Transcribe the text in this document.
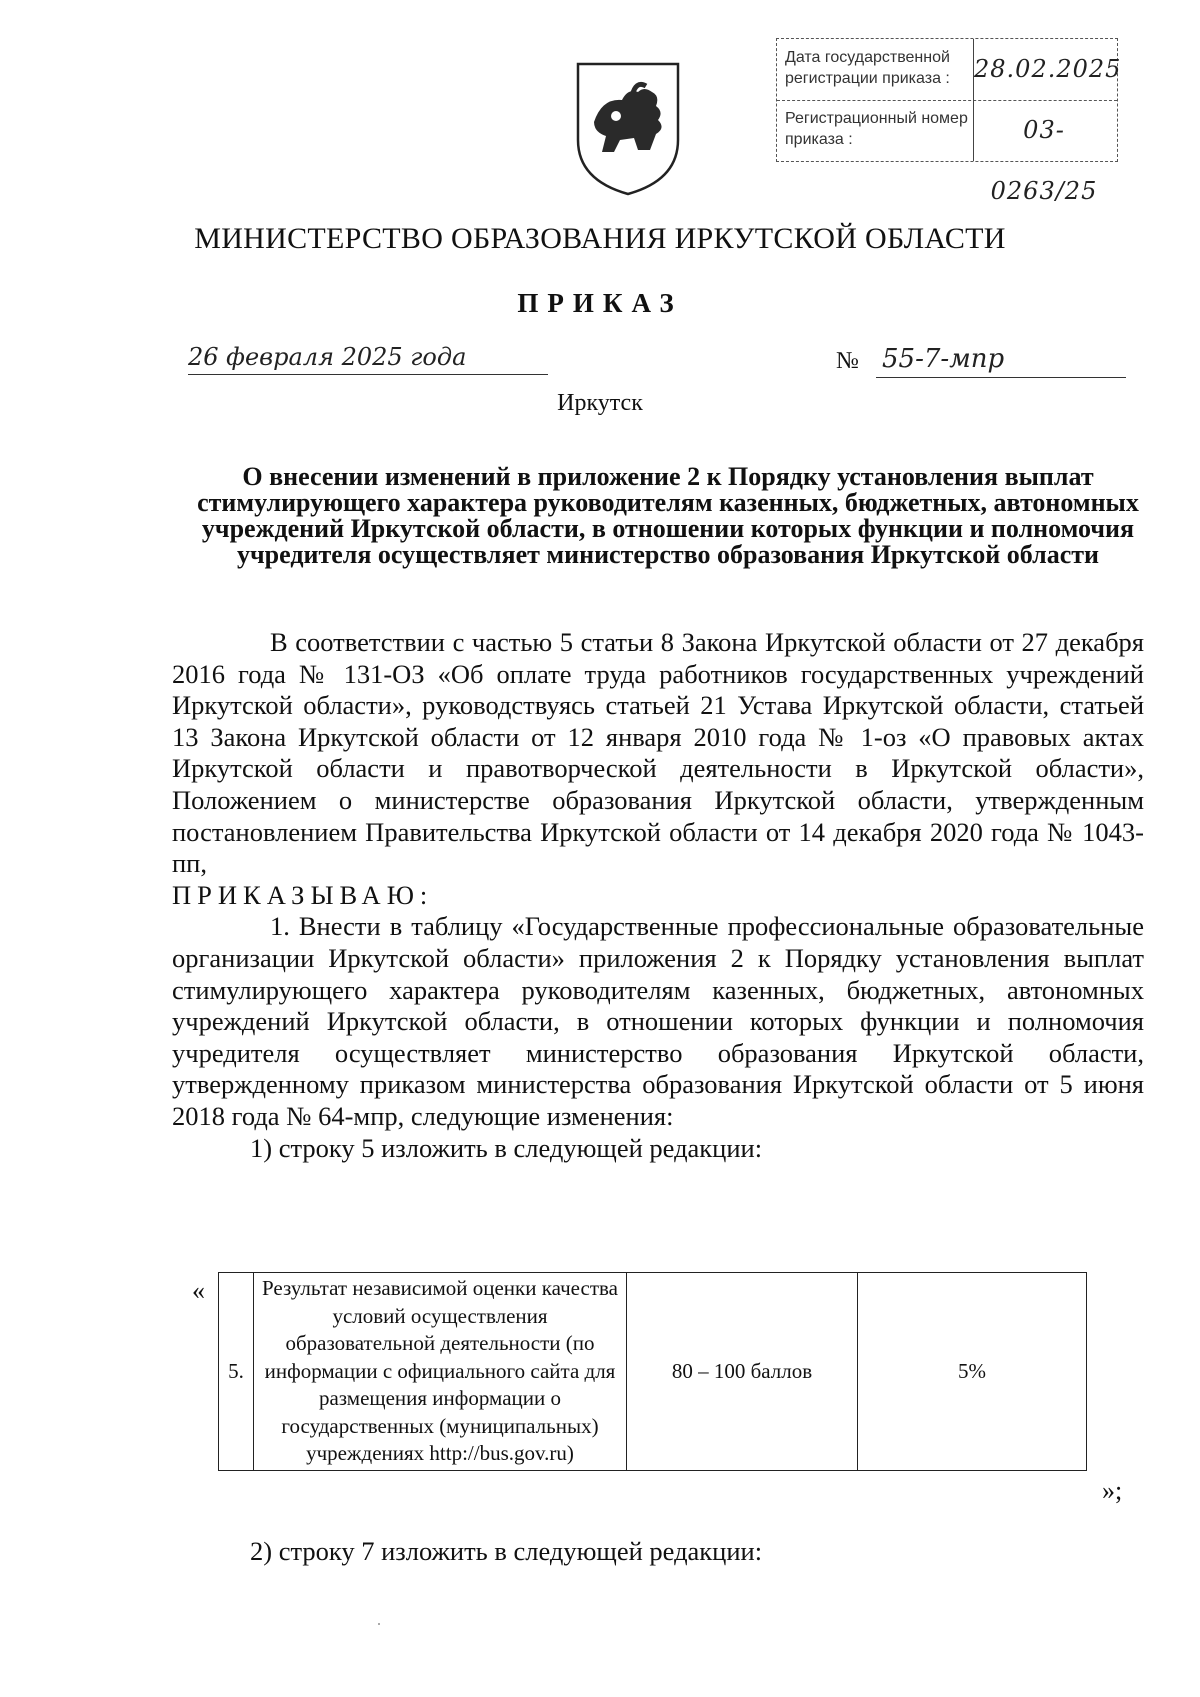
Дата государственной регистрации приказа :	28.02.2025
Регистрационный номер приказа :	03-0263/25
МИНИСТЕРСТВО ОБРАЗОВАНИЯ ИРКУТСКОЙ ОБЛАСТИ
ПРИКАЗ
26 февраля 2025 года	№ 55-7-мпр
Иркутск
О внесении изменений в приложение 2 к Порядку установления выплат стимулирующего характера руководителям казенных, бюджетных, автономных учреждений Иркутской области, в отношении которых функции и полномочия учредителя осуществляет министерство образования Иркутской области

В соответствии с частью 5 статьи 8 Закона Иркутской области от 27 декабря 2016 года № 131-ОЗ «Об оплате труда работников государственных учреждений Иркутской области», руководствуясь статьей 21 Устава Иркутской области, статьей 13 Закона Иркутской области от 12 января 2010 года № 1-оз «О правовых актах Иркутской области и правотворческой деятельности в Иркутской области», Положением о министерстве образования Иркутской области, утвержденным постановлением Правительства Иркутской области от 14 декабря 2020 года № 1043-пп,

ПРИКАЗЫВАЮ:

1. Внести в таблицу «Государственные профессиональные образовательные организации Иркутской области» приложения 2 к Порядку установления выплат стимулирующего характера руководителям казенных, бюджетных, автономных учреждений Иркутской области, в отношении которых функции и полномочия учредителя осуществляет министерство образования Иркутской области, утвержденному приказом министерства образования Иркутской области от 5 июня 2018 года № 64-мпр, следующие изменения:

1) строку 5 изложить в следующей редакции:

«
5.	Результат независимой оценки качества условий осуществления образовательной деятельности (по информации с официального сайта для размещения информации о государственных (муниципальных) учреждениях http://bus.gov.ru)	80 – 100 баллов	5%
»;
2) строку 7 изложить в следующей редакции:
